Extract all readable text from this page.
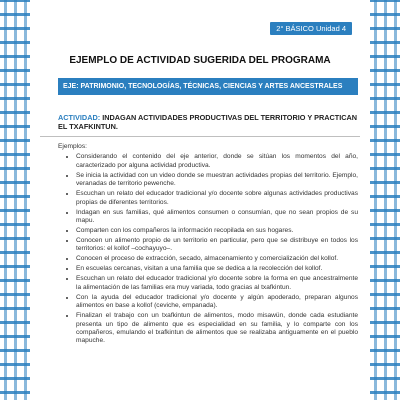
2° BÁSICO Unidad 4
EJEMPLO DE ACTIVIDAD SUGERIDA DEL PROGRAMA
EJE: PATRIMONIO, TECNOLOGÍAS, TÉCNICAS, CIENCIAS Y ARTES ANCESTRALES
ACTIVIDAD: INDAGAN ACTIVIDADES PRODUCTIVAS DEL TERRITORIO Y PRACTICAN EL TXAFKINTUN.
Ejemplos:
• Considerando el contenido del eje anterior, donde se sitúan los momentos del año, caracterizado por alguna actividad productiva.
• Se inicia la actividad con un video donde se muestran actividades propias del territorio. Ejemplo, veranadas de territorio pewenche.
• Escuchan un relato del educador tradicional y/o docente sobre algunas actividades productivas propias de diferentes territorios.
• Indagan en sus familias, qué alimentos consumen o consumían, que no sean propios de su mapu.
• Comparten con los compañeros la información recopilada en sus hogares.
• Conocen un alimento propio de un territorio en particular, pero que se distribuye en todos los territorios: el kollof –cochayuyo–.
• Conocen el proceso de extracción, secado, almacenamiento y comercialización del kollof.
• En escuelas cercanas, visitan a una familia que se dedica a la recolección del kollof.
• Escuchan un relato del educador tradicional y/o docente sobre la forma en que ancestralmente la alimentación de las familias era muy variada, todo gracias al txafkintun.
• Con la ayuda del educador tradicional y/o docente y algún apoderado, preparan algunos alimentos en base a kollof (ceviche, empanada).
• Finalizan el trabajo con un txafkintun de alimentos, modo misawün, donde cada estudiante presenta un tipo de alimento que es especialidad en su familia, y lo comparte con los compañeros, emulando el txafkintun de alimentos que se realizaba antiguamente en el pueblo mapuche.
